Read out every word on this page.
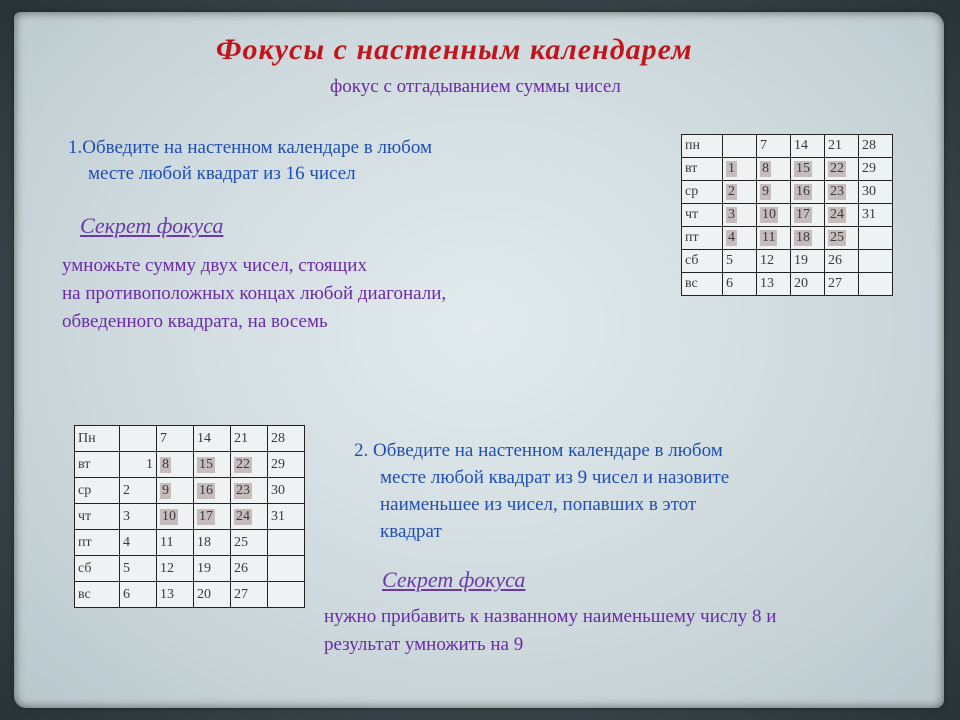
Фокусы с настенным календарем
фокус с отгадыванием суммы чисел
1.Обведите на настенном календаре в любом
месте любой квадрат из 16 чисел
Секрет фокуса
умножьте сумму двух чисел, стоящих
на противоположных концах любой диагонали,
обведенного квадрата, на восемь
пн		7	14	21	28
вт	1	8	15	22	29
ср	2	9	16	23	30
чт	3	10	17	24	31
пт	4	11	18	25	
сб	5	12	19	26	
вс	6	13	20	27	
Пн		7	14	21	28
вт	1	8	15	22	29
ср	2	9	16	23	30
чт	3	10	17	24	31
пт	4	11	18	25	
сб	5	12	19	26	
вс	6	13	20	27	
2. Обведите на настенном календаре в любом
месте любой квадрат из 9 чисел и назовите
наименьшее из чисел, попавших в этот
квадрат
Секрет фокуса
нужно прибавить к названному наименьшему числу 8 и
результат умножить на 9
